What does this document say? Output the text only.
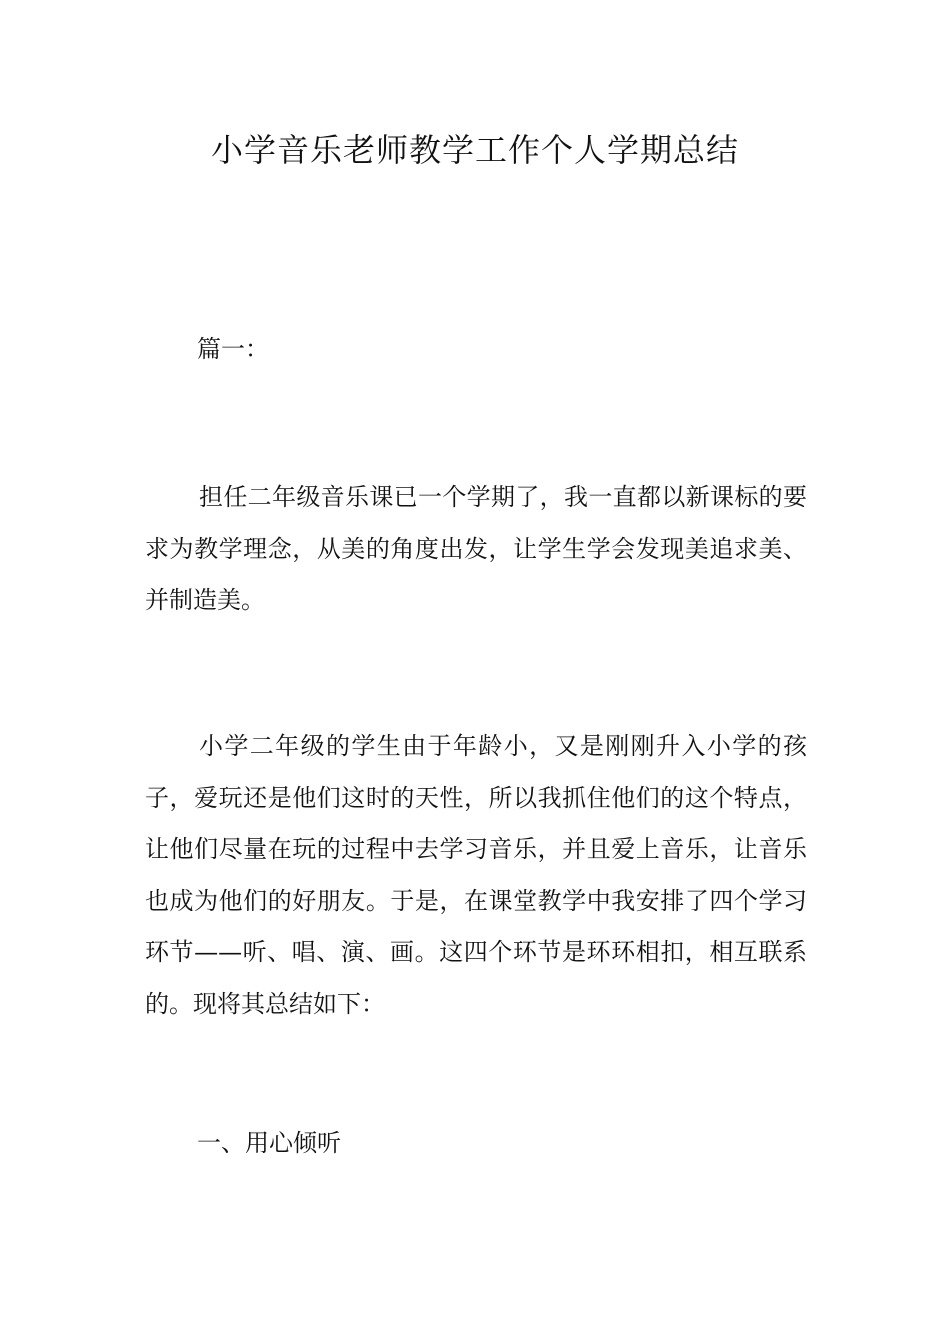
小学音乐老师教学工作个人学期总结

篇一：

担任二年级音乐课已一个学期了，我一直都以新课标的要求为教学理念，从美的角度出发，让学生学会发现美追求美、并制造美。

小学二年级的学生由于年龄小，又是刚刚升入小学的孩子，爱玩还是他们这时的天性，所以我抓住他们的这个特点，让他们尽量在玩的过程中去学习音乐，并且爱上音乐，让音乐也成为他们的好朋友。于是，在课堂教学中我安排了四个学习环节——听、唱、演、画。这四个环节是环环相扣，相互联系的。现将其总结如下：

一、用心倾听
